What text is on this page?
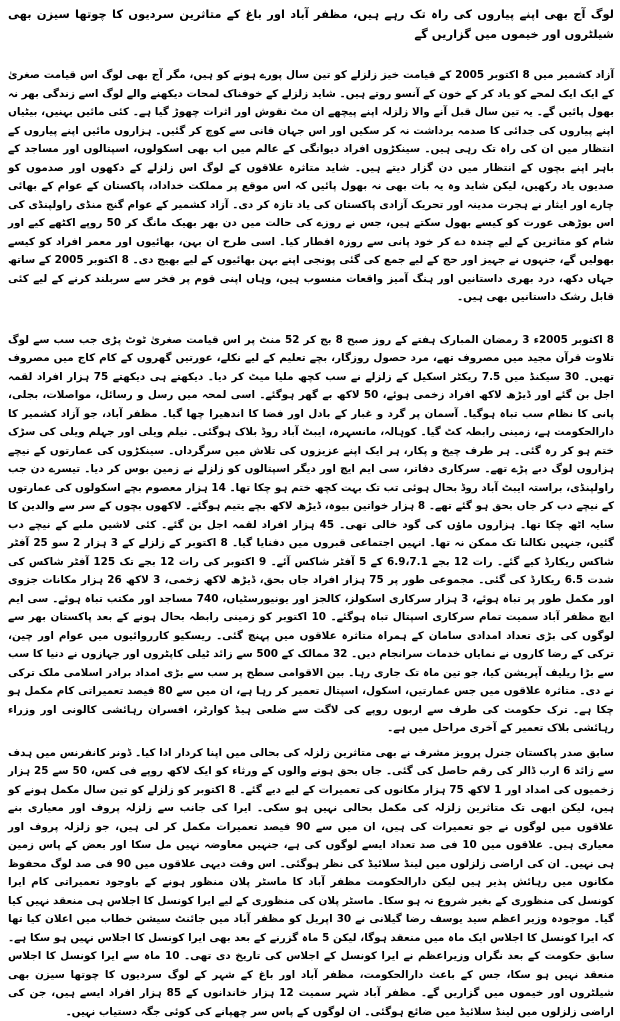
لوگ آج بھی اپنے پیاروں کی راہ تک رہے ہیں، مظفر آباد اور باغ کے متاثرین سردیوں کا چوتھا سیزن بھی شیلٹروں اور خیموں میں گزاریں گے

آزاد کشمیر میں 8 اکتوبر 2005 کے قیامت خیز زلزلے کو تین سال پورے ہونے کو ہیں، مگر آج بھی لوگ اس قیامت صغریٰ کے ایک ایک لمحے کو یاد کر کے خون کے آنسو روتے ہیں۔ شاید زلزلے کے خوفناک لمحات دیکھنے والے لوگ اسے زندگی بھر نہ بھول پائیں گے۔ یہ تین سال قبل آنے والا زلزلہ اپنے پیچھے ان مٹ نقوش اور اثرات چھوڑ گیا ہے۔ کئی مائیں بہنیں، بیٹیاں اپنے پیاروں کی جدائی کا صدمہ برداشت نہ کر سکیں اور اس جہان فانی سے کوچ کر گئیں۔ ہزاروں مائیں اپنے پیاروں کے انتظار میں ان کی راہ تک رہی ہیں۔ سینکڑوں افراد دیوانگی کے عالم میں اب بھی اسکولوں، اسپتالوں اور مساجد کے باہر اپنے بچوں کے انتظار میں دن گزار دیتے ہیں۔ شاید متاثرہ علاقوں کے لوگ اس زلزلے کے دکھوں اور صدموں کو صدیوں یاد رکھیں، لیکن شاید وہ یہ بات بھی نہ بھول پائیں کہ اس موقع پر مملکت خداداد، پاکستان کے عوام کے بھائی چارے اور ایثار نے ہجرت مدینہ اور تحریک آزادی پاکستان کی یاد تازہ کر دی۔ آزاد کشمیر کے عوام گنج منڈی راولپنڈی کی اس بوڑھی عورت کو کیسے بھول سکتے ہیں، جس نے روزے کی حالت میں دن بھر بھیک مانگ کر 50 روپے اکٹھے کیے اور شام کو متاثرین کے لیے چندہ دے کر خود پانی سے روزہ افطار کیا۔ اسی طرح ان بہن، بھائیوں اور معمر افراد کو کیسے بھولیں گے، جنہوں نے جہیز اور حج کے لیے جمع کی گئی پونجی اپنے بہن بھائیوں کے لیے بھیج دی۔ 8 اکتوبر 2005 کے ساتھ جہاں دکھ، درد بھری داستانیں اور ہنگ آمیز واقعات منسوب ہیں، وہاں اپنی قوم پر فخر سے سربلند کرنے کے لیے کئی قابل رشک داستانیں بھی ہیں۔

8 اکتوبر 2005ء 3 رمضان المبارک ہفتے کے روز صبح 8 بج کر 52 منٹ پر اس قیامت صغریٰ ٹوٹ پڑی جب سب سے لوگ تلاوت قرآن مجید میں مصروف تھے، مرد حصول روزگار، بچے تعلیم کے لیے نکلے، عورتیں گھروں کے کام کاج میں مصروف تھیں۔ 30 سیکنڈ میں 7.5 ریکٹر اسکیل کے زلزلے نے سب کچھ ملیا میٹ کر دیا۔ دیکھتے ہی دیکھتے 75 ہزار افراد لقمہ اجل بن گئے اور ڈیڑھ لاکھ افراد زخمی ہوئے، 50 لاکھ بے گھر ہوگئے۔ اسی لمحہ میں رسل و رسائل، مواصلات، بجلی، پانی کا نظام سب تباہ ہوگیا۔ آسمان پر گرد و غبار کے بادل اور فضا کا اندھیرا چھا گیا۔ مظفر آباد، جو آزاد کشمیر کا دارالحکومت ہے، زمینی رابطہ کٹ گیا۔ کوہالہ، مانسہرہ، ایبٹ آباد روڈ بلاک ہوگئی۔ نیلم ویلی اور جہلم ویلی کی سڑک ختم ہو کر رہ گئی۔ ہر طرف چیخ و پکار، ہر ایک اپنے عزیزوں کی تلاش میں سرگرداں۔ سینکڑوں کی عمارتوں کے نیچے ہزاروں لوگ دبے پڑے تھے۔ سرکاری دفاتر، سی ایم ایچ اور دیگر اسپتالوں کو زلزلے نے زمین بوس کر دیا۔ تیسرے دن جب راولپنڈی، براستہ ایبٹ آباد روڈ بحال ہوئی تب تک بہت کچھ ختم ہو چکا تھا۔ 14 ہزار معصوم بچے اسکولوں کی عمارتوں کے نیچے دب کر جاں بحق ہو گئے تھے۔ 8 ہزار خواتین بیوہ، ڈیڑھ لاکھ بچے یتیم ہوگئے۔ لاکھوں بچوں کے سر سے والدین کا سایہ اٹھ چکا تھا۔ ہزاروں ماؤں کی گود خالی تھی۔ 45 ہزار افراد لقمہ اجل بن گئے۔ کئی لاشیں ملبے کے نیچے دب گئیں، جنہیں نکالنا تک ممکن نہ تھا۔ انہیں اجتماعی قبروں میں دفنایا گیا۔ 8 اکتوبر کے زلزلے کے 3 ہزار 2 سو 25 آفٹر شاکس ریکارڈ کیے گئے۔ رات 12 بجے 6.9،7.1 کے 5 آفٹر شاکس آئے۔ 9 اکتوبر کی رات 12 بجے تک 125 آفٹر شاکس کی شدت 6.5 ریکارڈ کی گئی۔ مجموعی طور پر 75 ہزار افراد جاں بحق، ڈیڑھ لاکھ زخمی، 3 لاکھ 26 ہزار مکانات جزوی اور مکمل طور پر تباہ ہوئے، 3 ہزار سرکاری اسکولز، کالجز اور یونیورسٹیاں، 740 مساجد اور مکتب تباہ ہوئے۔ سی ایم ایچ مظفر آباد سمیت تمام سرکاری اسپتال تباہ ہوگئے۔ 10 اکتوبر کو زمینی رابطہ بحال ہونے کے بعد پاکستان بھر سے لوگوں کی بڑی تعداد امدادی سامان کے ہمراہ متاثرہ علاقوں میں پہنچ گئی۔ ریسکیو کارروائیوں میں عوام اور چین، ترکی کے رضا کاروں نے نمایاں خدمات سرانجام دیں۔ 32 ممالک کے 500 سے زائد ٹیلی کاپٹروں اور جہازوں نے دنیا کا سب سے بڑا ریلیف آپریشن کیا، جو تین ماہ تک جاری رہا۔ بین الاقوامی سطح پر سب سے بڑی امداد برادر اسلامی ملک ترکی نے دی۔ متاثرہ علاقوں میں جس عمارتیں، اسکول، اسپتال تعمیر کر رہا ہے، ان میں سے 80 فیصد تعمیراتی کام مکمل ہو چکا ہے۔ ترک حکومت کی طرف سے اربوں روپے کی لاگت سے ضلعی ہیڈ کوارٹر، افسران رہائشی کالونی اور وزراء رہائشی بلاک تعمیر کے آخری مراحل میں ہے۔

سابق صدر پاکستان جنرل پرویز مشرف نے بھی متاثرین زلزلہ کی بحالی میں اپنا کردار ادا کیا۔ ڈونر کانفرنس میں ہدف سے زائد 6 ارب ڈالر کی رقم حاصل کی گئی۔ جاں بحق ہونے والوں کے ورثاء کو ایک لاکھ روپے فی کس، 50 سے 25 ہزار زخمیوں کی امداد اور 1 لاکھ 75 ہزار مکانوں کی تعمیرات کے لیے دیے گئے۔ 8 اکتوبر کو زلزلے کو تین سال مکمل ہونے کو ہیں، لیکن ابھی تک متاثرین زلزلہ کی مکمل بحالی نہیں ہو سکی۔ ایرا کی جانب سے زلزلہ پروف اور معیاری بنے علاقوں میں لوگوں نے جو تعمیرات کی ہیں، ان میں سے 90 فیصد تعمیرات مکمل کر لی ہیں، جو زلزلہ پروف اور معیاری ہیں۔ علاقوں میں 10 فی صد تعداد ایسے لوگوں کی ہے، جنہیں معاوضہ نہیں مل سکا اور بعض کے پاس زمین ہی نہیں۔ ان کی اراضی زلزلوں میں لینڈ سلائیڈ کی نظر ہوگئی۔ اس وقت دیہی علاقوں میں 90 فی صد لوگ محفوظ مکانوں میں رہائش پذیر ہیں لیکن دارالحکومت مظفر آباد کا ماسٹر پلان منظور ہونے کے باوجود تعمیراتی کام ایرا کونسل کی منظوری کے بغیر شروع نہ ہو سکا۔ ماسٹر پلان کی منظوری کے لیے ایرا کونسل کا اجلاس ہی منعقد نہیں کیا گیا۔ موجودہ وزیر اعظم سید یوسف رضا گیلانی نے 30 اپریل کو مظفر آباد میں جائنٹ سیشن خطاب میں اعلان کیا تھا کہ ایرا کونسل کا اجلاس ایک ماہ میں منعقد ہوگا، لیکن 5 ماہ گزرنے کے بعد بھی ایرا کونسل کا اجلاس نہیں ہو سکا ہے۔ سابق حکومت کے بعد نگراں وزیراعظم نے ایرا کونسل کے اجلاس کی تاریخ دی تھی۔ 10 ماہ سے ایرا کونسل کا اجلاس منعقد نہیں ہو سکا، جس کے باعث دارالحکومت، مظفر آباد اور باغ کے شہر کے لوگ سردیوں کا چوتھا سیزن بھی شیلٹروں اور خیموں میں گزاریں گے۔ مظفر آباد شہر سمیت 12 ہزار خاندانوں کے 85 ہزار افراد ایسے ہیں، جن کی اراضی زلزلوں میں لینڈ سلائیڈ میں ضائع ہوگئی۔ ان لوگوں کے پاس سر چھپانے کی کوئی جگہ دستیاب نہیں۔
